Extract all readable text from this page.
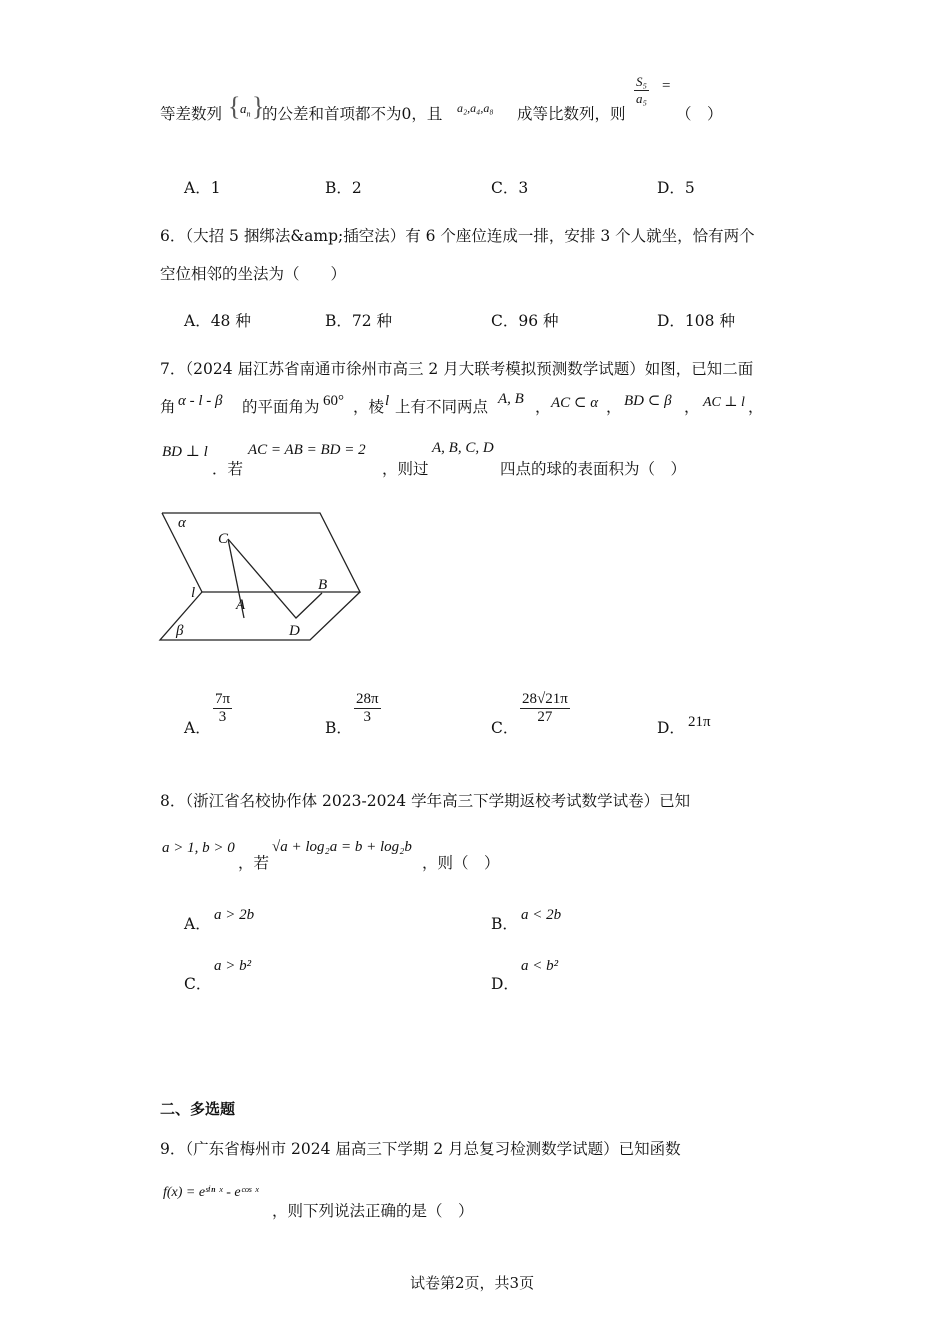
等差数列 { $a_n$ }
的公差和首项都不为0，且 a₂,a₄,a₈ 成等比数列，则
$\frac{\text{S₅}}{\text{a₅}}$ =
（　）
A．1	B．2	C．3	D．5
6．（大招 5 捆绑法&amp;插空法）有 6 个座位连成一排，安排 3 个人就坐，恰有两个
空位相邻的坐法为（　　）
A．48 种	B．72 种	C．96 种	D．108 种
7．（2024 届江苏省南通市徐州市高三 2 月大联考模拟预测数学试题）如图，已知二面
角 α - l - β 的平面角为 60° ，棱 l 上有不同两点 A, B ， AC ⊂ α ， BD ⊂ β ， AC ⊥ l ，
BD ⊥ l
．若
AC = AB = BD = 2
，则过
A, B, C, D
四点的球的表面积为（　）
α
β
l
C
A
B
D
A．
$\frac{7\pi}{3}$
B．
$\frac{28\pi}{3}$
C．
$\frac{28√21\pi}{27}$
D． 21π
8．（浙江省名校协作体 2023-2024 学年高三下学期返校考试数学试卷）已知
a > 1, b > 0
，若
√a + log₂a = b + log₂b
，则（　）
A． a > 2b	B． a < 2b
C．
a > b²
D．
a < b²
二、多选题
9．（广东省梅州市 2024 届高三下学期 2 月总复习检测数学试题）已知函数
f(x) = eˢⁱⁿ ˣ - eᶜᵒˢ ˣ
，则下列说法正确的是（　）
试卷第2页，共3页
